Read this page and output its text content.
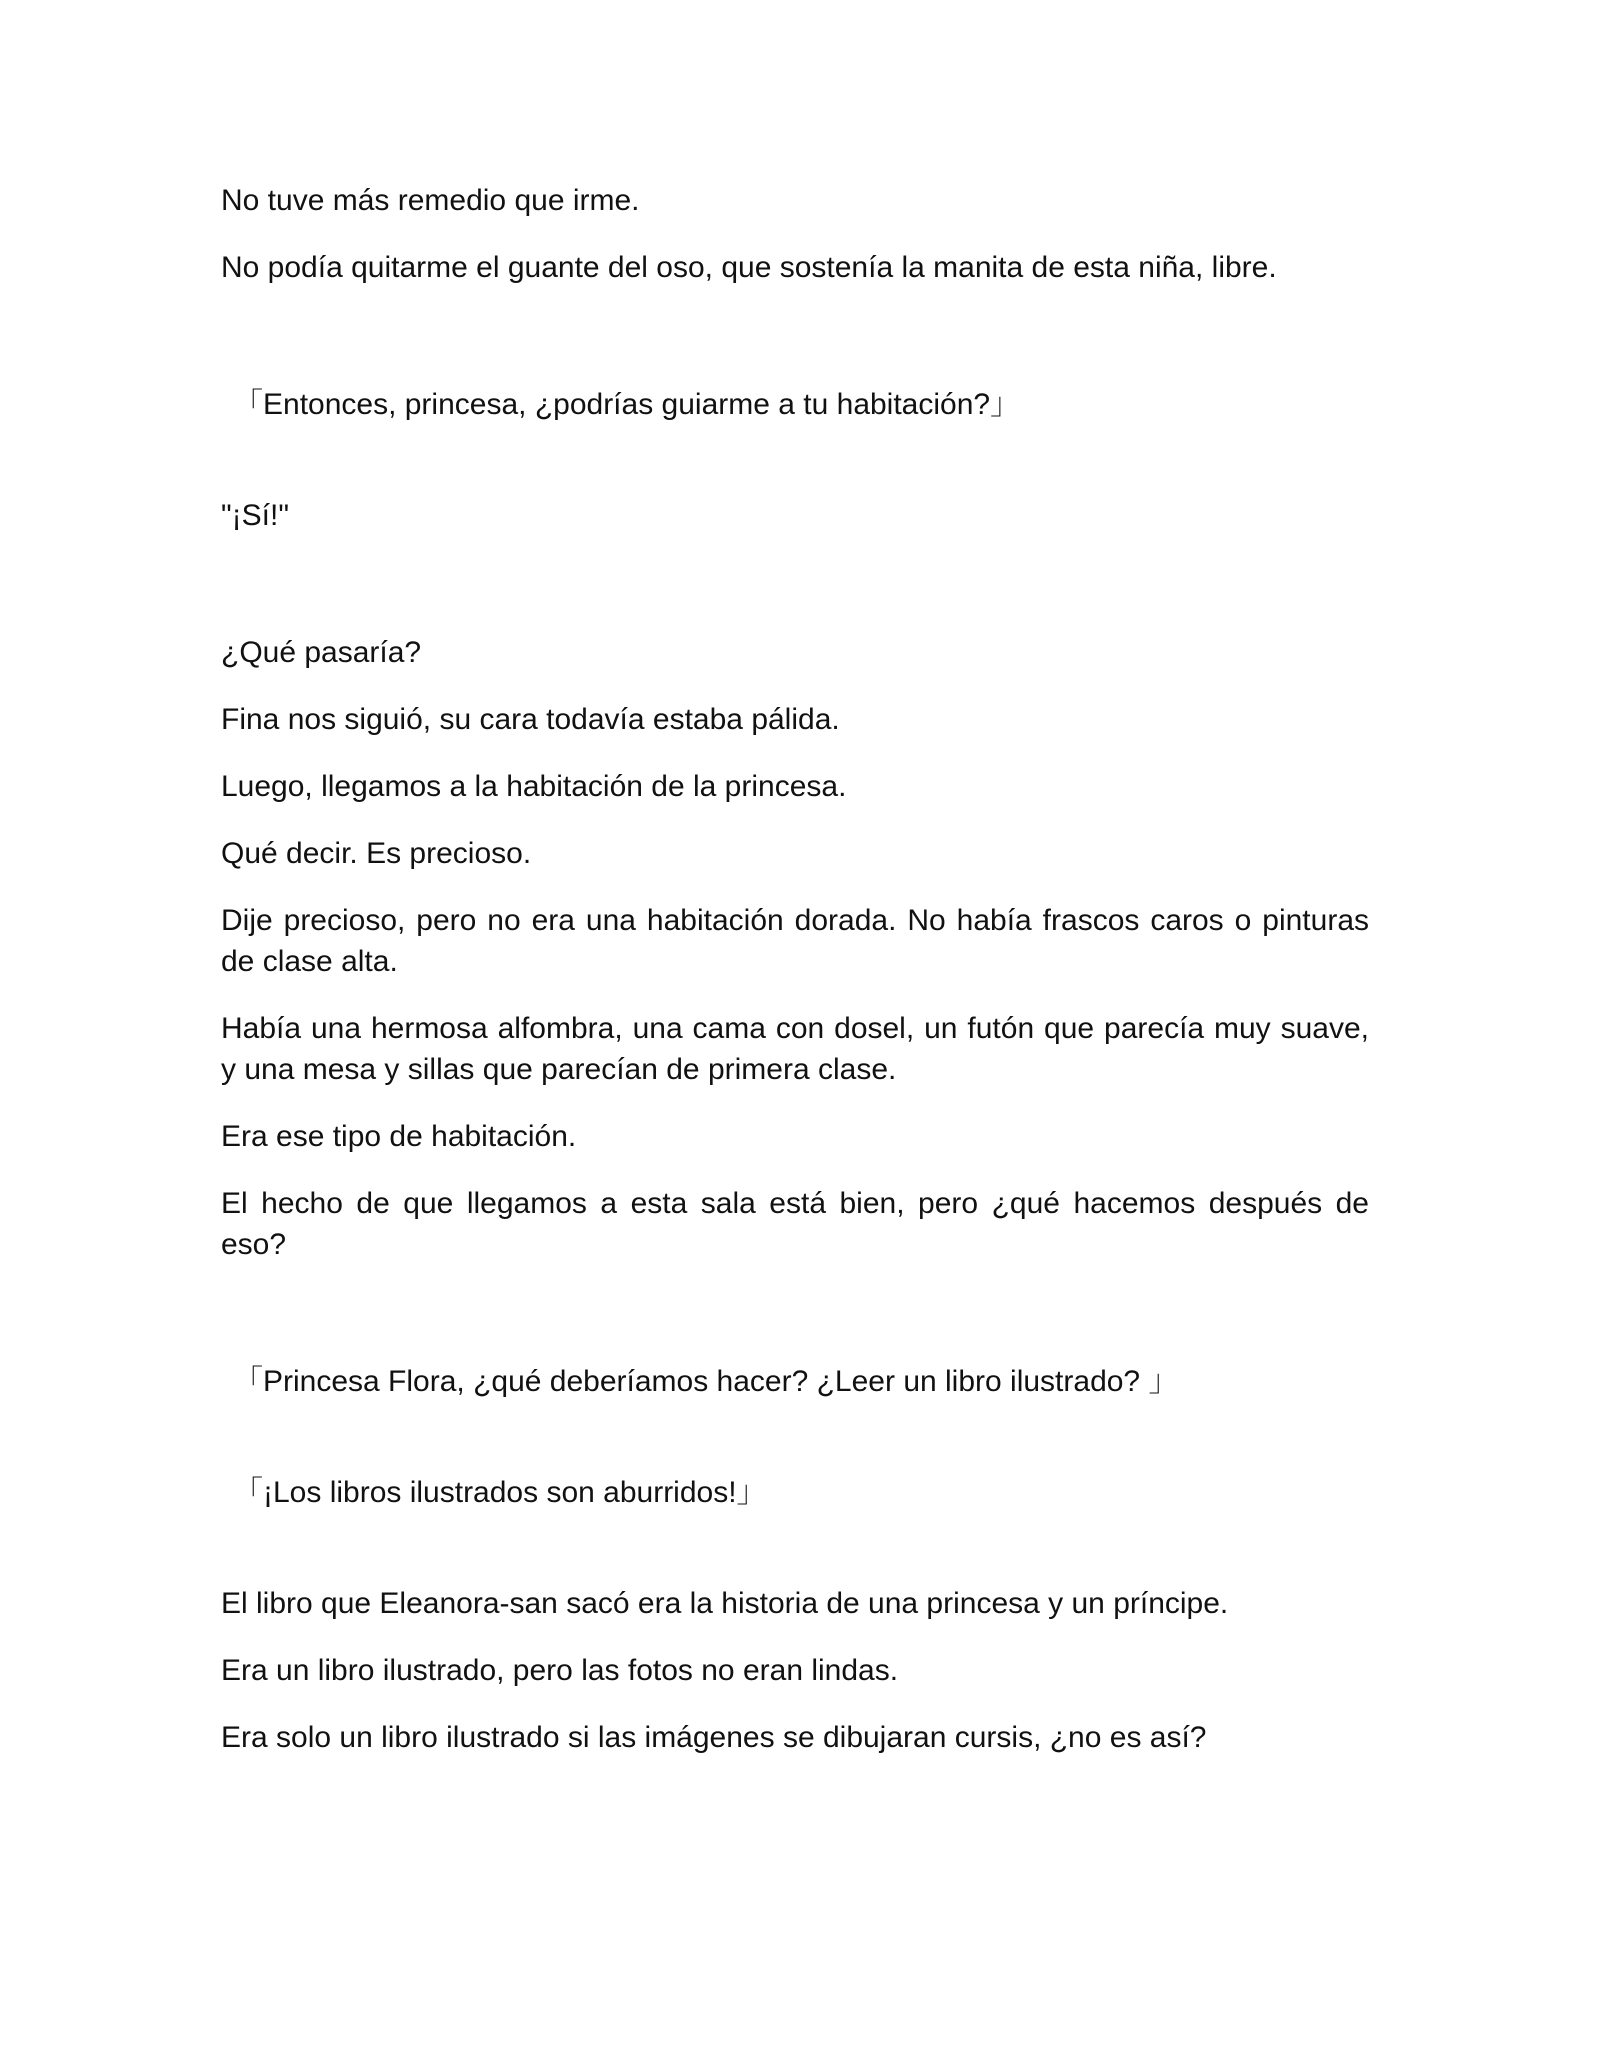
No tuve más remedio que irme.

No podía quitarme el guante del oso, que sostenía la manita de esta niña, libre.

「Entonces, princesa, ¿podrías guiarme a tu habitación?」

"¡Sí!"

¿Qué pasaría?

Fina nos siguió, su cara todavía estaba pálida.

Luego, llegamos a la habitación de la princesa.

Qué decir. Es precioso.

Dije precioso, pero no era una habitación dorada. No había frascos caros o pinturas de clase alta.

Había una hermosa alfombra, una cama con dosel, un futón que parecía muy suave, y una mesa y sillas que parecían de primera clase.

Era ese tipo de habitación.

El hecho de que llegamos a esta sala está bien, pero ¿qué hacemos después de eso?

「Princesa Flora, ¿qué deberíamos hacer? ¿Leer un libro ilustrado? 」

「¡Los libros ilustrados son aburridos!」

El libro que Eleanora-san sacó era la historia de una princesa y un príncipe.

Era un libro ilustrado, pero las fotos no eran lindas.

Era solo un libro ilustrado si las imágenes se dibujaran cursis, ¿no es así?
